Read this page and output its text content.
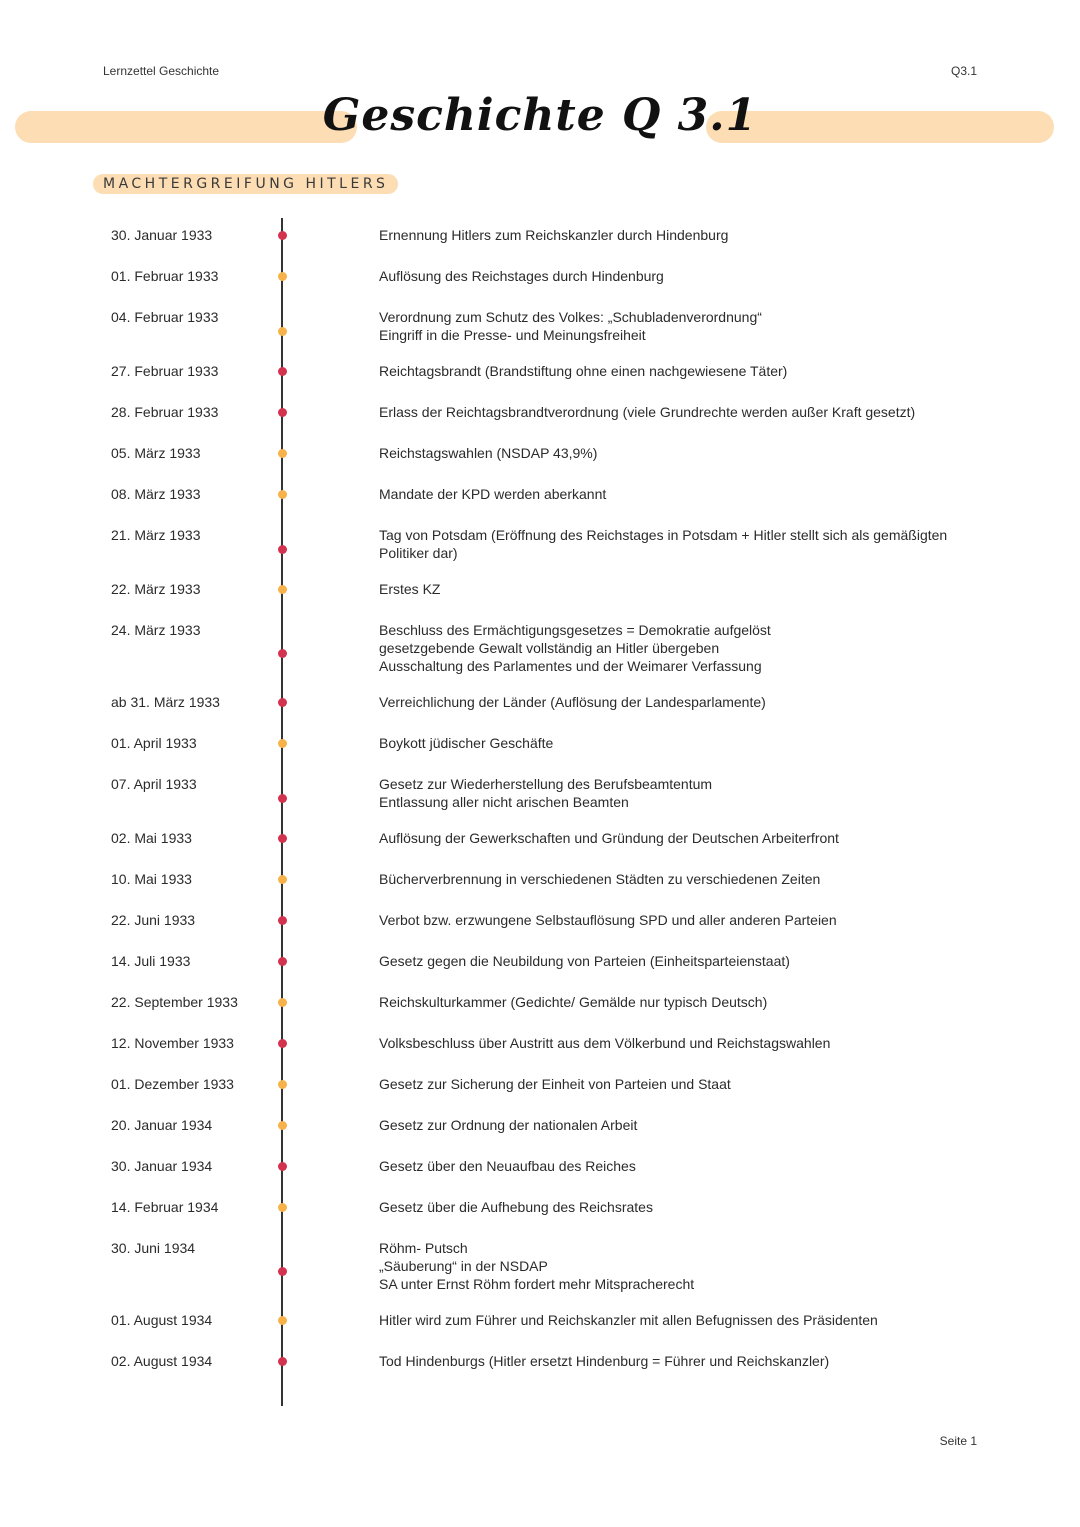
Lernzettel Geschichte	Q3.1
Geschichte Q 3.1
MACHTERGREIFUNG HITLERS
30. Januar 1933	Ernennung Hitlers zum Reichskanzler durch Hindenburg
01. Februar 1933	Auflösung des Reichstages durch Hindenburg
04. Februar 1933	Verordnung zum Schutz des Volkes: „Schubladenverordnung“
Eingriff in die Presse- und Meinungsfreiheit
27. Februar 1933	Reichtagsbrandt (Brandstiftung ohne einen nachgewiesene Täter)
28. Februar 1933	Erlass der Reichtagsbrandtverordnung (viele Grundrechte werden außer Kraft gesetzt)
05. März 1933	Reichstagswahlen (NSDAP 43,9%)
08. März 1933	Mandate der KPD werden aberkannt
21. März 1933	Tag von Potsdam (Eröffnung des Reichstages in Potsdam + Hitler stellt sich als gemäßigten
Politiker dar)
22. März 1933	Erstes KZ
24. März 1933	Beschluss des Ermächtigungsgesetzes = Demokratie aufgelöst
gesetzgebende Gewalt vollständig an Hitler übergeben
Ausschaltung des Parlamentes und der Weimarer Verfassung
ab 31. März 1933	Verreichlichung der Länder (Auflösung der Landesparlamente)
01. April 1933	Boykott jüdischer Geschäfte
07. April 1933	Gesetz zur Wiederherstellung des Berufsbeamtentum
Entlassung aller nicht arischen Beamten
02. Mai 1933	Auflösung der Gewerkschaften und Gründung der Deutschen Arbeiterfront
10. Mai 1933	Bücherverbrennung in verschiedenen Städten zu verschiedenen Zeiten
22. Juni 1933	Verbot bzw. erzwungene Selbstauflösung SPD und aller anderen Parteien
14. Juli 1933	Gesetz gegen die Neubildung von Parteien (Einheitsparteienstaat)
22. September 1933	Reichskulturkammer (Gedichte/ Gemälde nur typisch Deutsch)
12. November 1933	Volksbeschluss über Austritt aus dem Völkerbund und Reichstagswahlen
01. Dezember 1933	Gesetz zur Sicherung der Einheit von Parteien und Staat
20. Januar 1934	Gesetz zur Ordnung der nationalen Arbeit
30. Januar 1934	Gesetz über den Neuaufbau des Reiches
14. Februar 1934	Gesetz über die Aufhebung des Reichsrates
30. Juni 1934	Röhm- Putsch
„Säuberung“ in der NSDAP
SA unter Ernst Röhm fordert mehr Mitspracherecht
01. August 1934	Hitler wird zum Führer und Reichskanzler mit allen Befugnissen des Präsidenten
02. August 1934	Tod Hindenburgs (Hitler ersetzt Hindenburg = Führer und Reichskanzler)
Seite 1
